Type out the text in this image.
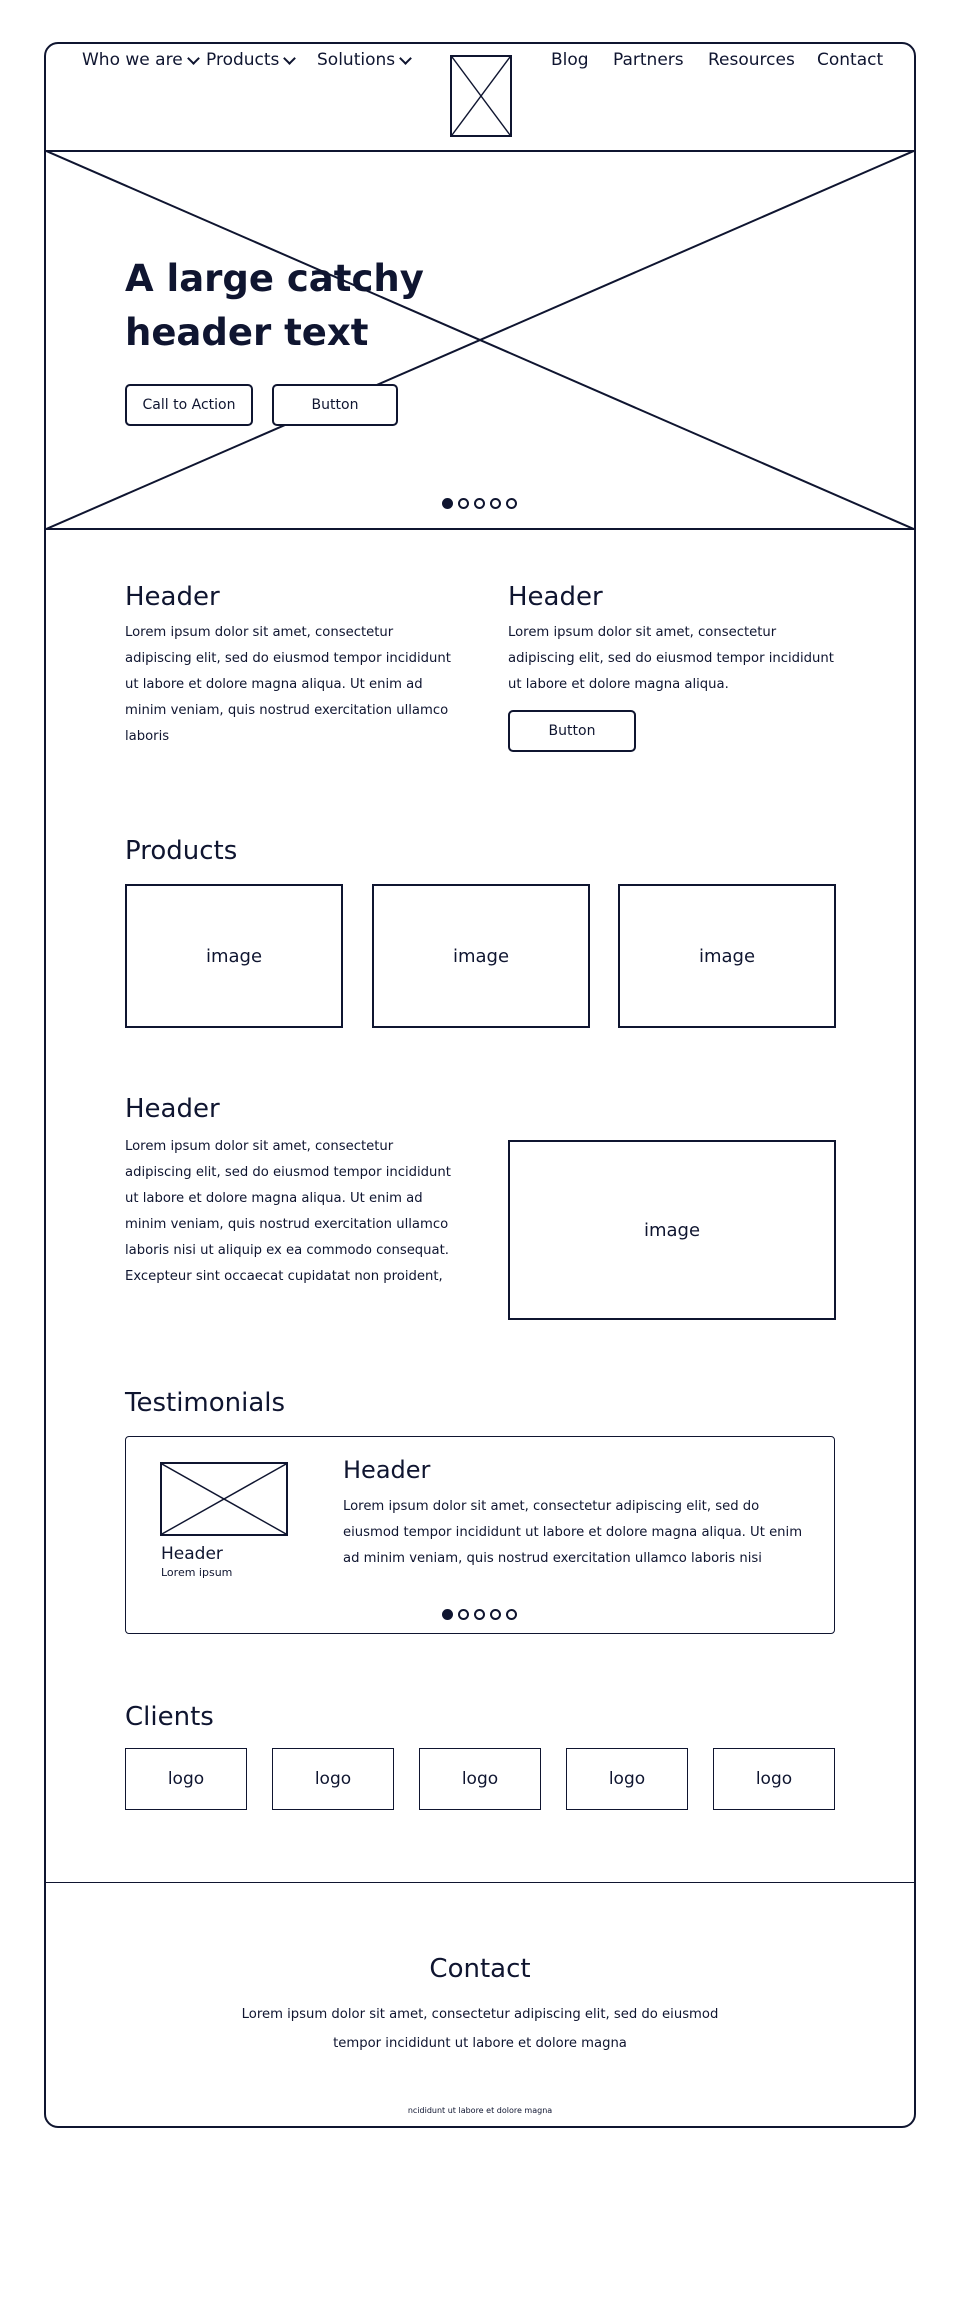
Who we are Products Solutions	Blog Partners Resources Contact
A large catchy header text
Call to Action	Button
Header

Lorem ipsum dolor sit amet, consectetur adipiscing elit, sed do eiusmod tempor incididunt ut labore et dolore magna aliqua. Ut enim ad minim veniam, quis nostrud exercitation ullamco laboris

Header

Lorem ipsum dolor sit amet, consectetur adipiscing elit, sed do eiusmod tempor incididunt ut labore et dolore magna aliqua.

Button
Products
image	image	image
Header

Lorem ipsum dolor sit amet, consectetur adipiscing elit, sed do eiusmod tempor incididunt ut labore et dolore magna aliqua. Ut enim ad minim veniam, quis nostrud exercitation ullamco laboris nisi ut aliquip ex ea commodo consequat. Excepteur sint occaecat cupidatat non proident,

image
Testimonials
Header
Lorem ipsum
Header

Lorem ipsum dolor sit amet, consectetur adipiscing elit, sed do eiusmod tempor incididunt ut labore et dolore magna aliqua. Ut enim ad minim veniam, quis nostrud exercitation ullamco laboris nisi

Clients
logo	logo	logo	logo	logo
Contact

Lorem ipsum dolor sit amet, consectetur adipiscing elit, sed do eiusmod tempor incididunt ut labore et dolore magna

ncididunt ut labore et dolore magna
